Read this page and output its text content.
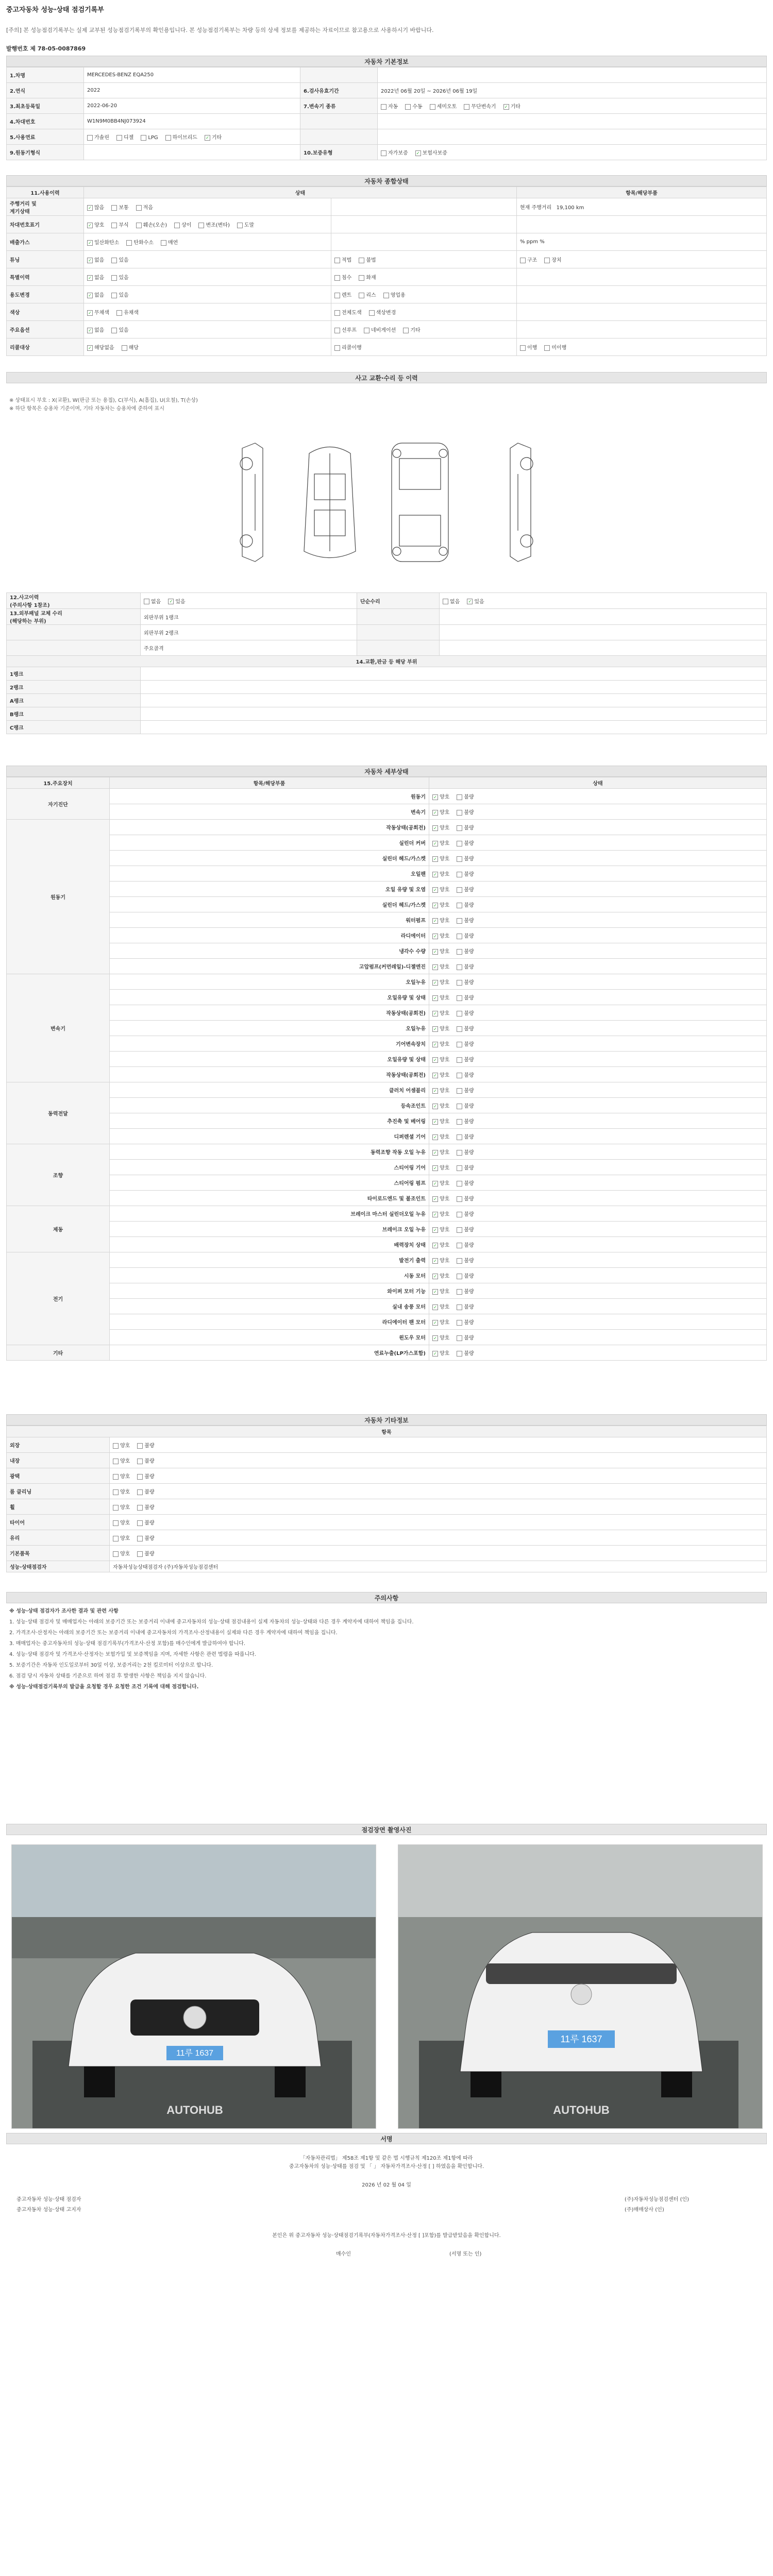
중고자동차 성능·상태 점검기록부
[주의] 본 성능점검기록부는 실제 교부된 성능점검기록부의 확인용입니다. 본 성능점검기록부는 차량 등의 상세 정보를 제공하는 자료이므로 참고용으로 사용하시기 바랍니다.
발행번호 제 78-05-0087869
자동차 기본정보
1.차명	MERCEDES-BENZ EQA250		
2.연식	2022	6.검사유효기간	2022년 06월 20일 ~ 2026년 06월 19일
3.최초등록일	2022-06-20	7.변속기 종류	자동 수동 세미오토 무단변속기 ✓ 기타
4.차대번호	W1N9M0BB4NJ073924		
5.사용연료	가솔린 디젤 LPG 하이브리드 ✓ 기타		
9.원동기형식		10.보증유형	자가보증 ✓ 보험사보증
자동차 종합상태
11.사용이력	상태		항목/해당부품
주행거리 및
계기상태	✓ 많음 보통 적음		현재 주행거리   19,100 km
차대번호표기	✓ 양호 부식 훼손(오손) 상이 변조(변타) 도말		
배출가스	✓ 일산화탄소 탄화수소 매연		% ppm %
튜닝	✓ 없음 있음	적법 불법	구조 장치
특별이력	✓ 없음 있음	침수 화재	
용도변경	✓ 없음 있음	렌트 리스 영업용	
색상	✓ 무채색 유채색	전체도색 색상변경	
주요옵션	✓ 없음 있음	선루프 네비게이션 기타	
리콜대상	✓ 해당없음 해당	리콜이행	이행 미이행
사고 교환·수리 등 이력
※ 상태표시 부호 : X(교환), W(판금 또는 용접), C(부식), A(흠집), U(요철), T(손상)
※ 하단 항목은 승용차 기준이며, 기타 자동차는 승용차에 준하여 표시
12.사고이력
(주의사항 1참조)	없음 ✓ 있음	단순수리	없음 ✓ 있음
13.외부패널 교체 수리
(해당하는 부위)	외판부위 1랭크		
	외판부위 2랭크		
	주요골격		
14.교환,판금 등 해당 부위			
1랭크			
2랭크			
A랭크			
B랭크			
C랭크			
자동차 세부상태
15.주요장치	항목/해당부품	상태
자기진단	원동기	✓ 양호 불량
	변속기	✓ 양호 불량
원동기	작동상태(공회전)	✓ 양호 불량
	실린더 커버	✓ 양호 불량
	실린더 헤드/가스켓	✓ 양호 불량
	오일팬	✓ 양호 불량
	오일 유량 및 오염	✓ 양호 불량
	실린더 헤드/가스켓	✓ 양호 불량
	워터펌프	✓ 양호 불량
	라디에이터	✓ 양호 불량
	냉각수 수량	✓ 양호 불량
	고압펌프(커먼레일)-디젤엔진	✓ 양호 불량
변속기	오일누유	✓ 양호 불량
	오일유량 및 상태	✓ 양호 불량
	작동상태(공회전)	✓ 양호 불량
	오일누유	✓ 양호 불량
	기어변속장치	✓ 양호 불량
	오일유량 및 상태	✓ 양호 불량
	작동상태(공회전)	✓ 양호 불량
동력전달	클러치 어셈블리	✓ 양호 불량
	등속조인트	✓ 양호 불량
	추진축 및 베어링	✓ 양호 불량
	디퍼렌셜 기어	✓ 양호 불량
조향	동력조향 작동 오일 누유	✓ 양호 불량
	스티어링 기어	✓ 양호 불량
	스티어링 펌프	✓ 양호 불량
	타이로드엔드 및 볼조인트	✓ 양호 불량
제동	브레이크 마스터 실린더오일 누유	✓ 양호 불량
	브레이크 오일 누유	✓ 양호 불량
	배력장치 상태	✓ 양호 불량
전기	발전기 출력	✓ 양호 불량
	시동 모터	✓ 양호 불량
	와이퍼 모터 기능	✓ 양호 불량
	실내 송풍 모터	✓ 양호 불량
	라디에이터 팬 모터	✓ 양호 불량
	윈도우 모터	✓ 양호 불량
기타	연료누출(LP가스포함)	✓ 양호 불량
자동차 기타정보
항목	
외장	양호 불량
내장	양호 불량
광택	양호 불량
룸 클리닝	양호 불량
휠	양호 불량
타이어	양호 불량
유리	양호 불량
기본품목	양호 불량
성능·상태점검자	자동차성능상태점검자 (주)자동차성능점검센터
주의사항
※ 성능·상태 점검자가 조사한 결과 및 관련 사항
1. 성능·상태 점검자 및 매매업자는 아래의 보증기간 또는 보증거리 이내에 중고자동차의 성능·상태 점검내용이 실제 자동차의 성능·상태와 다른 경우 계약자에 대하여 책임을 집니다.
2. 가격조사·산정자는 아래의 보증기간 또는 보증거리 이내에 중고자동차의 가격조사·산정내용이 실제와 다른 경우 계약자에 대하여 책임을 집니다.
3. 매매업자는 중고자동차의 성능·상태 점검기록부(가격조사·산정 포함)를 매수인에게 발급하여야 합니다.
4. 성능·상태 점검자 및 가격조사·산정자는 보험가입 및 보증책임을 지며, 자세한 사항은 관련 법령을 따릅니다.
5. 보증기간은 자동차 인도일로부터 30일 이상, 보증거리는 2천 킬로미터 이상으로 합니다.
6. 점검 당시 자동차 상태를 기준으로 하며 점검 후 발생한 사항은 책임을 지지 않습니다.
※ 성능·상태점검기록부의 발급을 요청할 경우 요청한 조건 기록에 대해 점검합니다.
점검장면 촬영사진
11루 1637
AUTOHUB
11루 1637
AUTOHUB
서명
「자동차관리법」 제58조 제1항 및 같은 법 시행규칙 제120조 제1항에 따라
중고자동차의 성능·상태를 점검 및 「 」 자동차가격조사·산정 [ ] 하였음을 확인합니다.
2026 년 02 월 04 일
중고자동차 성능·상태 점검자	(주)자동차성능점검센터 (인)
중고자동차 성능·상태 고지자	(주)매매상사 (인)
본인은 위 중고자동차 성능·상태점검기록부(자동차가격조사·산정 [ ]포함)를 발급받았음을 확인합니다.
매수인	(서명 또는 인)
